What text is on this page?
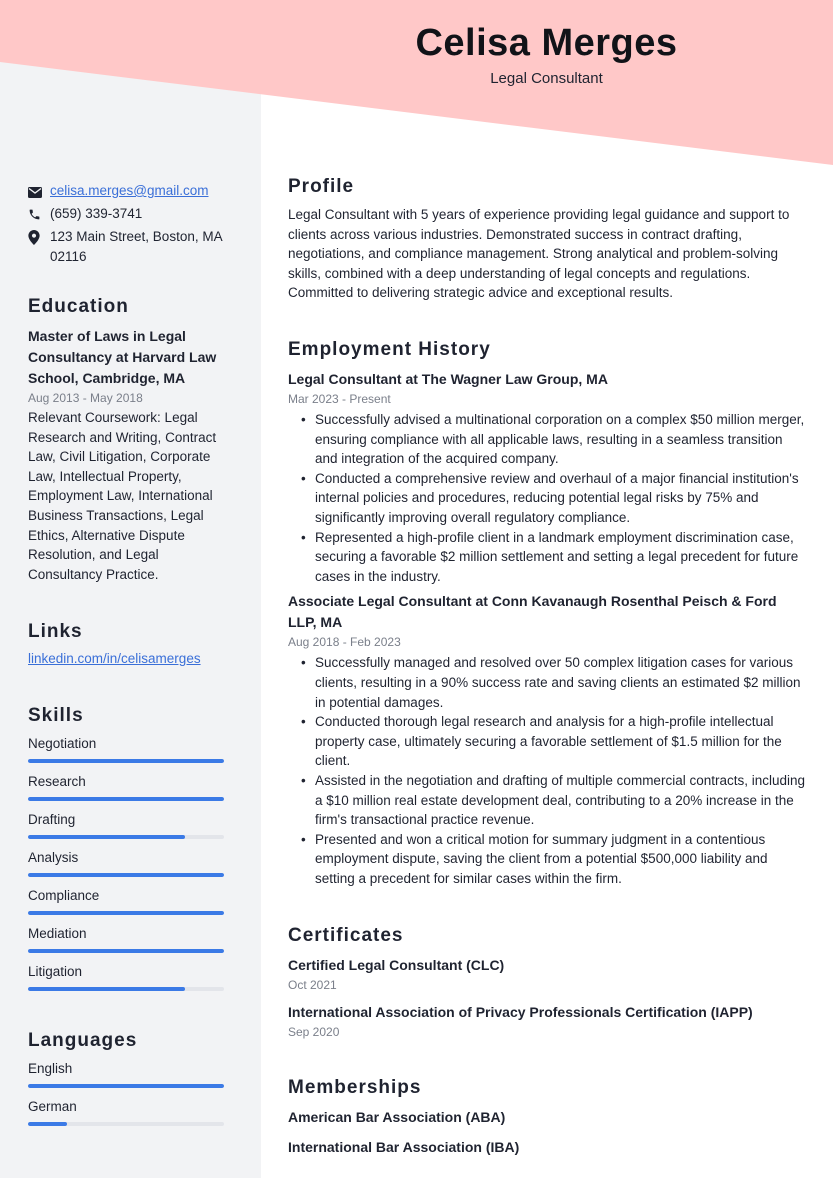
Celisa Merges
Legal Consultant
celisa.merges@gmail.com
(659) 339-3741
123 Main Street, Boston, MA 02116
Education
Master of Laws in Legal Consultancy at Harvard Law School, Cambridge, MA
Aug 2013 - May 2018
Relevant Coursework: Legal Research and Writing, Contract Law, Civil Litigation, Corporate Law, Intellectual Property, Employment Law, International Business Transactions, Legal Ethics, Alternative Dispute Resolution, and Legal Consultancy Practice.
Links
linkedin.com/in/celisamerges
Skills
Negotiation
Research
Drafting
Analysis
Compliance
Mediation
Litigation
Languages
English
German
Profile
Legal Consultant with 5 years of experience providing legal guidance and support to clients across various industries. Demonstrated success in contract drafting, negotiations, and compliance management. Strong analytical and problem-solving skills, combined with a deep understanding of legal concepts and regulations. Committed to delivering strategic advice and exceptional results.
Employment History
Legal Consultant at The Wagner Law Group, MA
Mar 2023 - Present
• Successfully advised a multinational corporation on a complex $50 million merger, ensuring compliance with all applicable laws, resulting in a seamless transition and integration of the acquired company.
• Conducted a comprehensive review and overhaul of a major financial institution's internal policies and procedures, reducing potential legal risks by 75% and significantly improving overall regulatory compliance.
• Represented a high-profile client in a landmark employment discrimination case, securing a favorable $2 million settlement and setting a legal precedent for future cases in the industry.
Associate Legal Consultant at Conn Kavanaugh Rosenthal Peisch & Ford LLP, MA
Aug 2018 - Feb 2023
• Successfully managed and resolved over 50 complex litigation cases for various clients, resulting in a 90% success rate and saving clients an estimated $2 million in potential damages.
• Conducted thorough legal research and analysis for a high-profile intellectual property case, ultimately securing a favorable settlement of $1.5 million for the client.
• Assisted in the negotiation and drafting of multiple commercial contracts, including a $10 million real estate development deal, contributing to a 20% increase in the firm's transactional practice revenue.
• Presented and won a critical motion for summary judgment in a contentious employment dispute, saving the client from a potential $500,000 liability and setting a precedent for similar cases within the firm.
Certificates
Certified Legal Consultant (CLC)
Oct 2021
International Association of Privacy Professionals Certification (IAPP)
Sep 2020
Memberships
American Bar Association (ABA)
International Bar Association (IBA)
